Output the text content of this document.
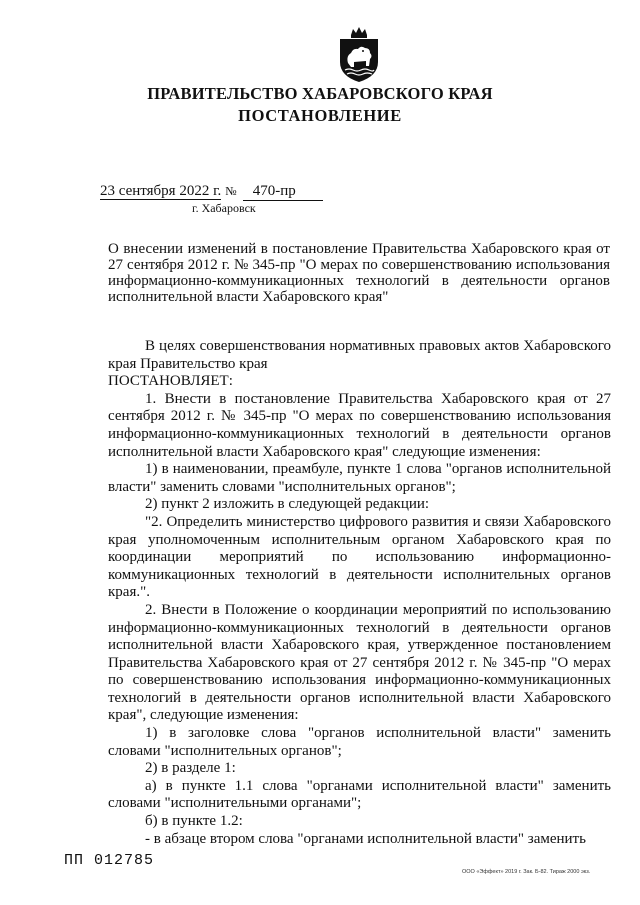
ПРАВИТЕЛЬСТВО ХАБАРОВСКОГО КРАЯ
ПОСТАНОВЛЕНИЕ
23 сентября 2022 г. № 470-пр
г. Хабаровск
О внесении изменений в постановление Правительства Хабаровского края от 27 сентября 2012 г. № 345-пр "О мерах по совершенствованию использования информационно-коммуникационных технологий в деятельности органов исполнительной власти Хабаровского края"

В целях совершенствования нормативных правовых актов Хабаровского края Правительство края

ПОСТАНОВЛЯЕТ:

1. Внести в постановление Правительства Хабаровского края от 27 сентября 2012 г. № 345-пр "О мерах по совершенствованию использования информационно-коммуникационных технологий в деятельности органов исполнительной власти Хабаровского края" следующие изменения:

1) в наименовании, преамбуле, пункте 1 слова "органов исполнительной власти" заменить словами "исполнительных органов";

2) пункт 2 изложить в следующей редакции:

"2. Определить министерство цифрового развития и связи Хабаровского края уполномоченным исполнительным органом Хабаровского края по координации мероприятий по использованию информационно-коммуникационных технологий в деятельности исполнительных органов края.".

2. Внести в Положение о координации мероприятий по использованию информационно-коммуникационных технологий в деятельности органов исполнительной власти Хабаровского края, утвержденное постановлением Правительства Хабаровского края от 27 сентября 2012 г. № 345-пр "О мерах по совершенствованию использования информационно-коммуникационных технологий в деятельности органов исполнительной власти Хабаровского края", следующие изменения:

1) в заголовке слова "органов исполнительной власти" заменить словами "исполнительных органов";

2) в разделе 1:

а) в пункте 1.1 слова "органами исполнительной власти" заменить словами "исполнительными органами";

б) в пункте 1.2:

- в абзаце втором слова "органами исполнительной власти" заменить

ПП 012785
ООО «Эффект» 2019 г. Зак. Б-82. Тираж 2000 экз.
